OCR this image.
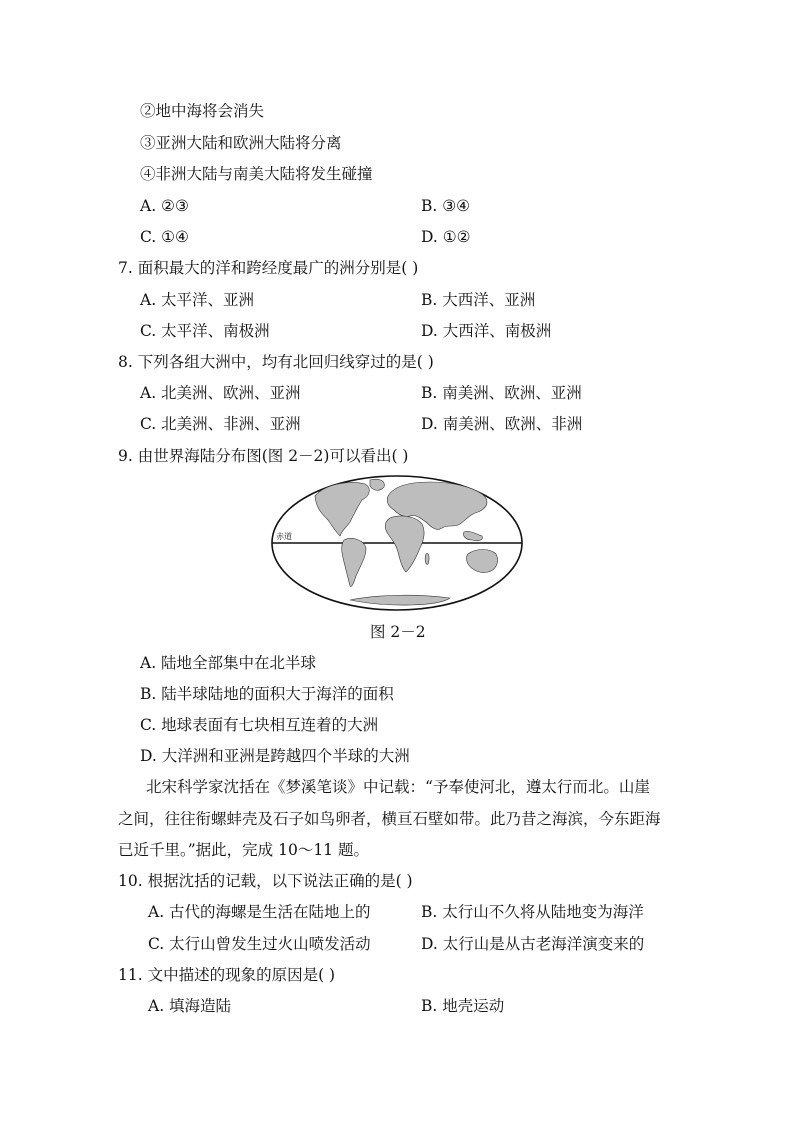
②地中海将会消失
③亚洲大陆和欧洲大陆将分离
④非洲大陆与南美大陆将发生碰撞
A. ②③	B. ③④
C. ①④	D. ①②
7. 面积最大的洋和跨经度最广的洲分别是( )
A. 太平洋、亚洲	B. 大西洋、亚洲
C. 太平洋、南极洲	D. 大西洋、南极洲
8. 下列各组大洲中，均有北回归线穿过的是( )
A. 北美洲、欧洲、亚洲	B. 南美洲、欧洲、亚洲
C. 北美洲、非洲、亚洲	D. 南美洲、欧洲、非洲
9. 由世界海陆分布图(图 2－2)可以看出( )
赤道
图 2－2
A. 陆地全部集中在北半球
B. 陆半球陆地的面积大于海洋的面积
C. 地球表面有七块相互连着的大洲
D. 大洋洲和亚洲是跨越四个半球的大洲
北宋科学家沈括在《梦溪笔谈》中记载：“予奉使河北，遵太行而北。山崖
之间，往往衔螺蚌壳及石子如鸟卵者，横亘石壁如带。此乃昔之海滨，今东距海
已近千里。”据此，完成 10～11 题。
10. 根据沈括的记载，以下说法正确的是( )
A. 古代的海螺是生活在陆地上的	B. 太行山不久将从陆地变为海洋
C. 太行山曾发生过火山喷发活动	D. 太行山是从古老海洋演变来的
11. 文中描述的现象的原因是( )
A. 填海造陆	B. 地壳运动
